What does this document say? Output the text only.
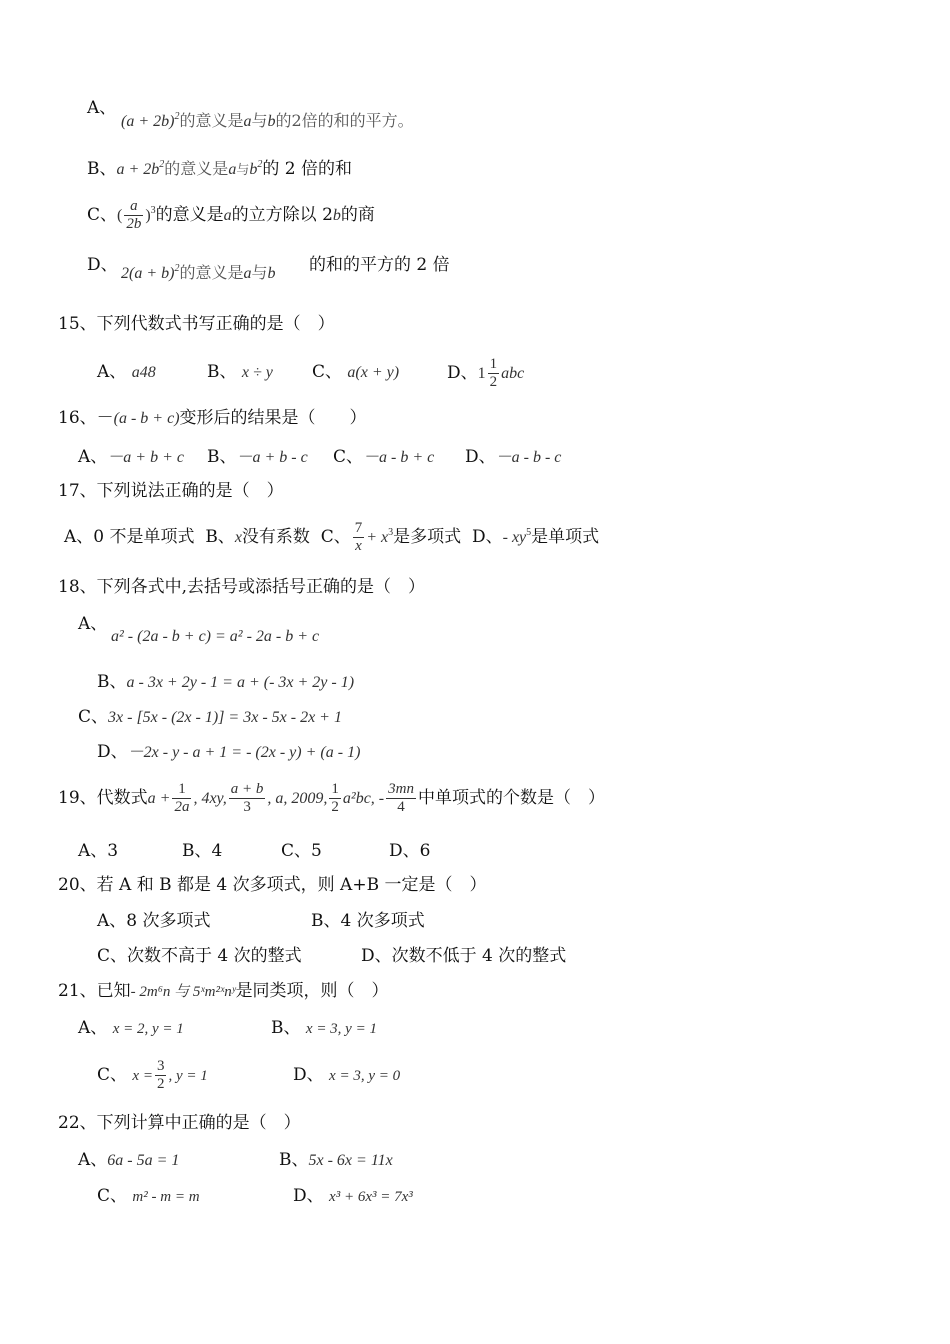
A、
$(a + 2b)^2$的意义是a与b的2倍的和的平方。
B、$a + 2b^2$的意义是a与$b^2$的 2 倍的和
C、( $\frac{a}{2b} )^3$的意义是a的立方除以 2b的商
D、 $2(a + b)^2$的意义是a与b 的和的平方的 2 倍
15、下列代数式书写正确的是（　）
A、 a48	B、 x ÷ y C、 a(x + y)	D、$1 \frac{1}{2}$ abc
16、－(a - b + c)变形后的结果是（　　）
A、－a + b + c B、－a + b - c C、－a - b + c D、－a - b - c
17、下列说法正确的是（　）
A、0 不是单项式 B、x没有系数 C、 $\frac{7}{x} + x^3$是多项式 D、- $xy^5$是单项式
18、下列各式中,去括号或添括号正确的是（　）
A、
a² - (2a - b + c) = a² - 2a - b + c
B、a - 3x + 2y - 1 = a + (- 3x + 2y - 1)
C、3x - [5x - (2x - 1)] = 3x - 5x - 2x + 1
D、－2x - y - a + 1 = - (2x - y) + (a - 1)
19、代数式$a + \frac{1}{2a}$ , 4xy, $\frac{a + b}{3}$ , a, 2009, $\frac{1}{2} a^2bc$, - $\frac{3mn}{4}$ 中单项式的个数是（　）
A、3	B、4	C、5	D、6
20、若 A 和 B 都是 4 次多项式，则 A+B 一定是（　）
A、8 次多项式	B、4 次多项式
C、次数不高于 4 次的整式	D、次数不低于 4 次的整式
21、已知- 2m⁶n 与 5ˣm²ˣnʸ是同类项，则（　）
A、 x = 2, y = 1	B、 x = 3, y = 1
C、 $x = \frac{3}{2}$ , y = 1	D、 x = 3, y = 0
22、下列计算中正确的是（　）
A、6a - 5a = 1	B、5x - 6x = 11x
C、 m² - m = m	D、 x³ + 6x³ = 7x³
